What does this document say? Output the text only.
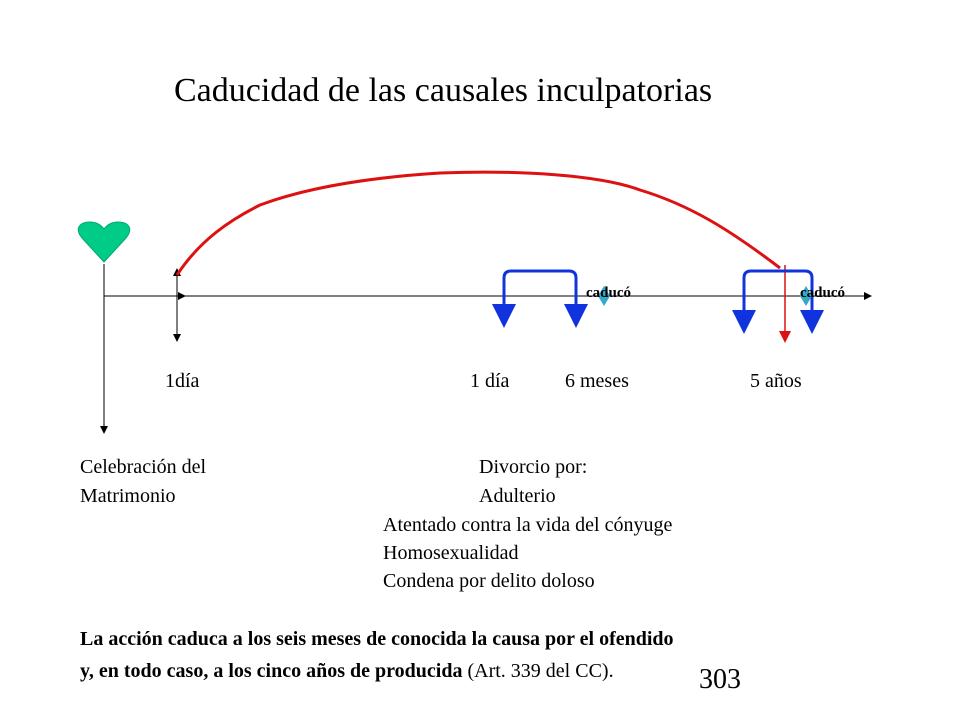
Caducidad de las causales inculpatorias
caducó	caducó
1día	1 día	6 meses	5 años
Celebración del
Matrimonio
Divorcio por:
Adulterio
Atentado contra la vida del cónyuge
Homosexualidad
Condena por delito doloso
La acción caduca a los seis meses de conocida la causa por el ofendido
y, en todo caso, a los cinco años de producida (Art. 339 del CC).	303
